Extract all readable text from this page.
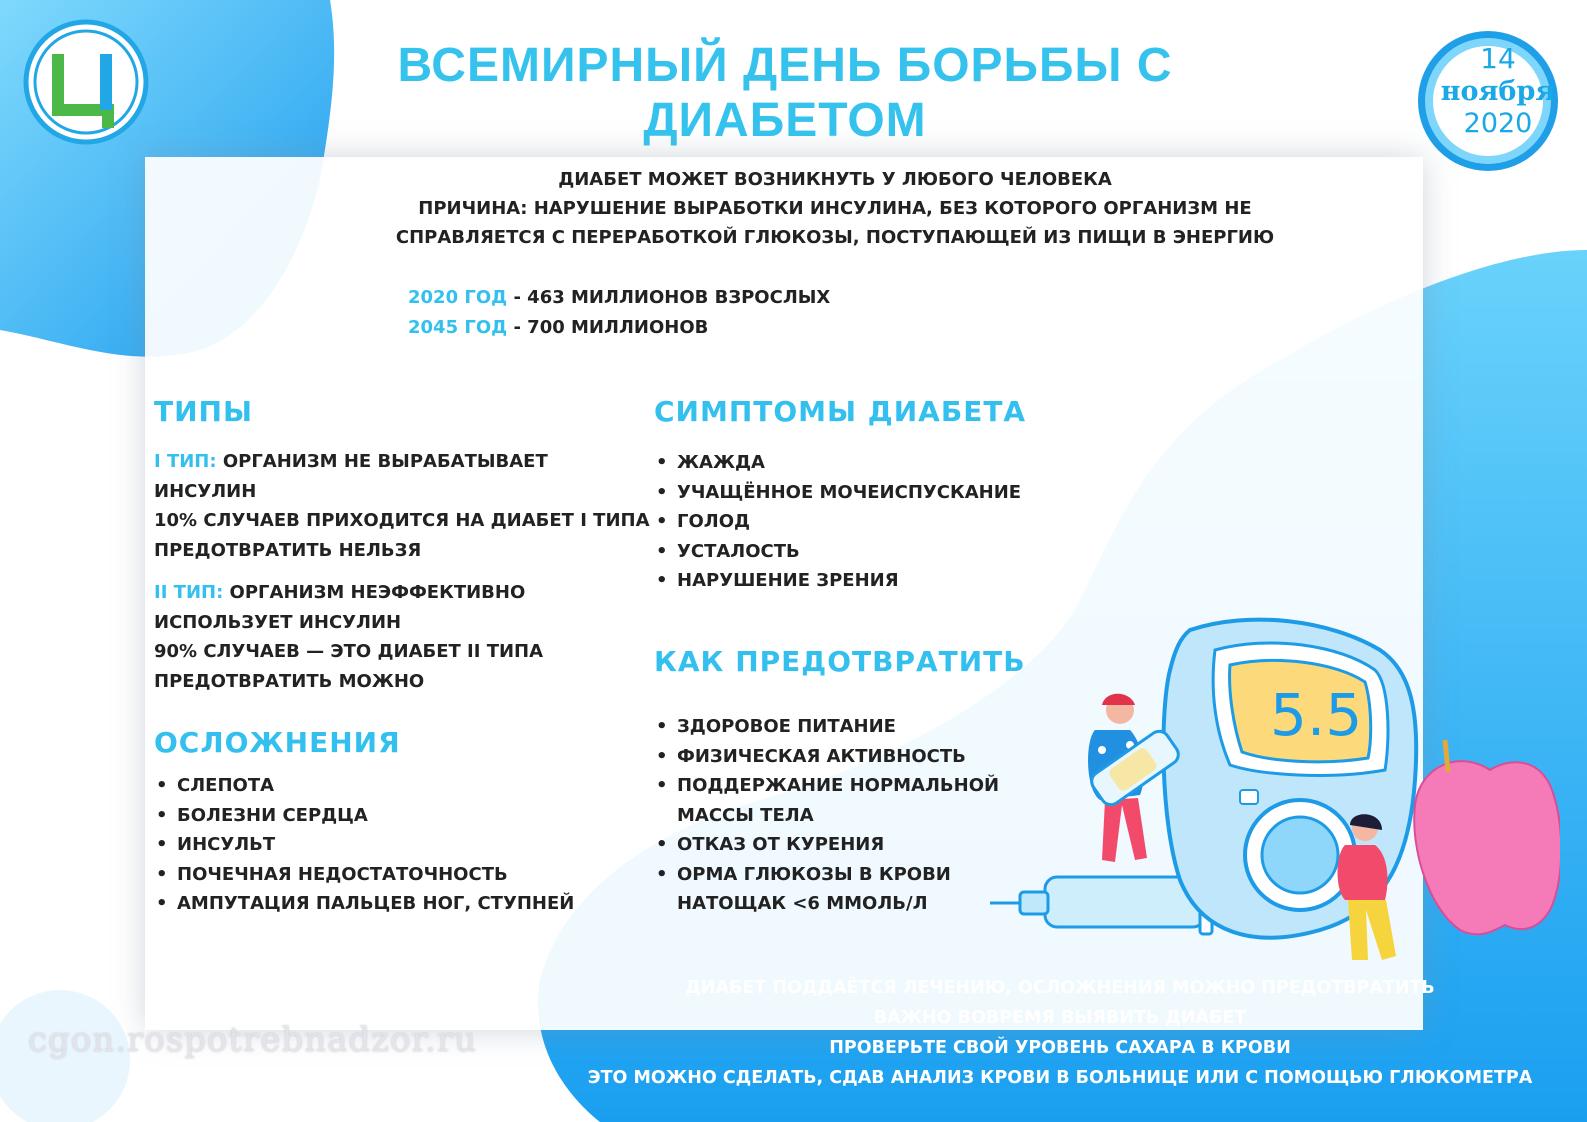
ВСЕМИРНЫЙ ДЕНЬ БОРЬБЫ С ДИАБЕТОМ
14
ноября
2020
ДИАБЕТ МОЖЕТ ВОЗНИКНУТЬ У ЛЮБОГО ЧЕЛОВЕКА
ПРИЧИНА: НАРУШЕНИЕ ВЫРАБОТКИ ИНСУЛИНА, БЕЗ КОТОРОГО ОРГАНИЗМ НЕ
СПРАВЛЯЕТСЯ С ПЕРЕРАБОТКОЙ ГЛЮКОЗЫ, ПОСТУПАЮЩЕЙ ИЗ ПИЩИ В ЭНЕРГИЮ
2020 ГОД - 463 МИЛЛИОНОВ ВЗРОСЛЫХ
2045 ГОД - 700 МИЛЛИОНОВ
ТИПЫ
I ТИП: ОРГАНИЗМ НЕ ВЫРАБАТЫВАЕТ
ИНСУЛИН
10% СЛУЧАЕВ ПРИХОДИТСЯ НА ДИАБЕТ I ТИПА
ПРЕДОТВРАТИТЬ НЕЛЬЗЯ
II ТИП: ОРГАНИЗМ НЕЭФФЕКТИВНО
ИСПОЛЬЗУЕТ ИНСУЛИН
90% СЛУЧАЕВ — ЭТО ДИАБЕТ II ТИПА
ПРЕДОТВРАТИТЬ МОЖНО
ОСЛОЖНЕНИЯ
• СЛЕПОТА
• БОЛЕЗНИ СЕРДЦА
• ИНСУЛЬТ
• ПОЧЕЧНАЯ НЕДОСТАТОЧНОСТЬ
• АМПУТАЦИЯ ПАЛЬЦЕВ НОГ, СТУПНЕЙ
СИМПТОМЫ ДИАБЕТА
• ЖАЖДА
• УЧАЩЁННОЕ МОЧЕИСПУСКАНИЕ
• ГОЛОД
• УСТАЛОСТЬ
• НАРУШЕНИЕ ЗРЕНИЯ
КАК ПРЕДОТВРАТИТЬ
• ЗДОРОВОЕ ПИТАНИЕ
• ФИЗИЧЕСКАЯ АКТИВНОСТЬ
• ПОДДЕРЖАНИЕ НОРМАЛЬНОЙ МАССЫ ТЕЛА
• ОТКАЗ ОТ КУРЕНИЯ
• ОРМА ГЛЮКОЗЫ В КРОВИ НАТОЩАК <6 ММОЛЬ/Л
5.5
ДИАБЕТ ПОДДАЁТСЯ ЛЕЧЕНИЮ, ОСЛОЖНЕНИЯ МОЖНО ПРЕДОТВРАТИТЬ
ВАЖНО ВОВРЕМЯ ВЫЯВИТЬ ДИАБЕТ
ПРОВЕРЬТЕ СВОЙ УРОВЕНЬ САХАРА В КРОВИ
ЭТО МОЖНО СДЕЛАТЬ, СДАВ АНАЛИЗ КРОВИ В БОЛЬНИЦЕ ИЛИ С ПОМОЩЬЮ ГЛЮКОМЕТРА
cgon.rospotrebnadzor.ru
